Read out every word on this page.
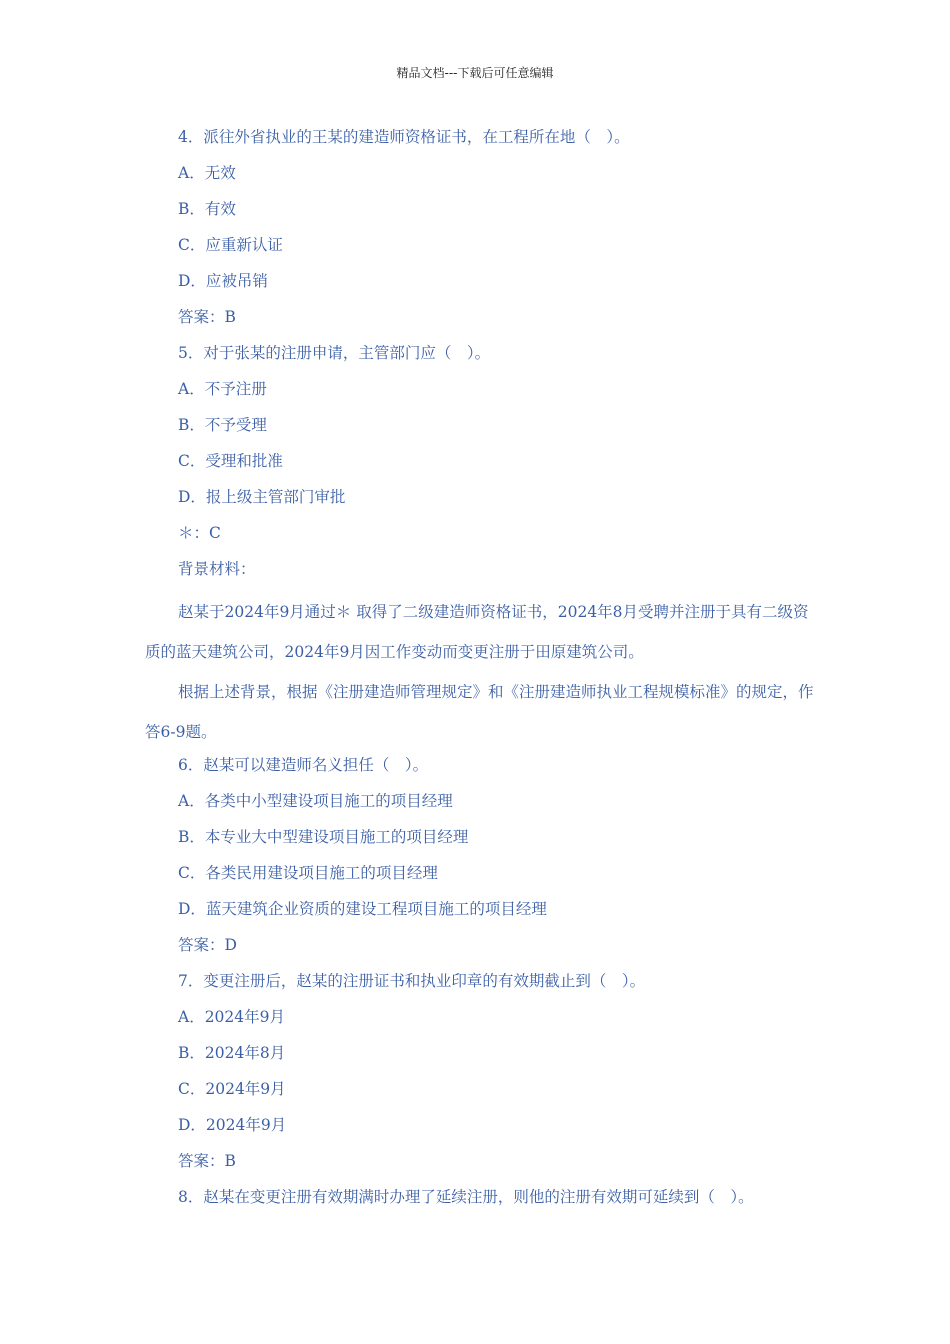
精品文档---下载后可任意编辑
4．派往外省执业的王某的建造师资格证书，在工程所在地（　）。
A．无效
B．有效
C．应重新认证
D．应被吊销
答案：B
5．对于张某的注册申请，主管部门应（　）。
A．不予注册
B．不予受理
C．受理和批准
D．报上级主管部门审批
＊：C
背景材料：

赵某于2024年9月通过＊ 取得了二级建造师资格证书，2024年8月受聘并注册于具有二级资质的蓝天建筑公司，2024年9月因工作变动而变更注册于田原建筑公司。

根据上述背景，根据《注册建造师管理规定》和《注册建造师执业工程规模标准》的规定，作答6-9题。

6．赵某可以建造师名义担任（　）。
A．各类中小型建设项目施工的项目经理
B．本专业大中型建设项目施工的项目经理
C．各类民用建设项目施工的项目经理
D．蓝天建筑企业资质的建设工程项目施工的项目经理
答案：D
7．变更注册后，赵某的注册证书和执业印章的有效期截止到（　）。
A．2024年9月
B．2024年8月
C．2024年9月
D．2024年9月
答案：B
8．赵某在变更注册有效期满时办理了延续注册，则他的注册有效期可延续到（　）。
